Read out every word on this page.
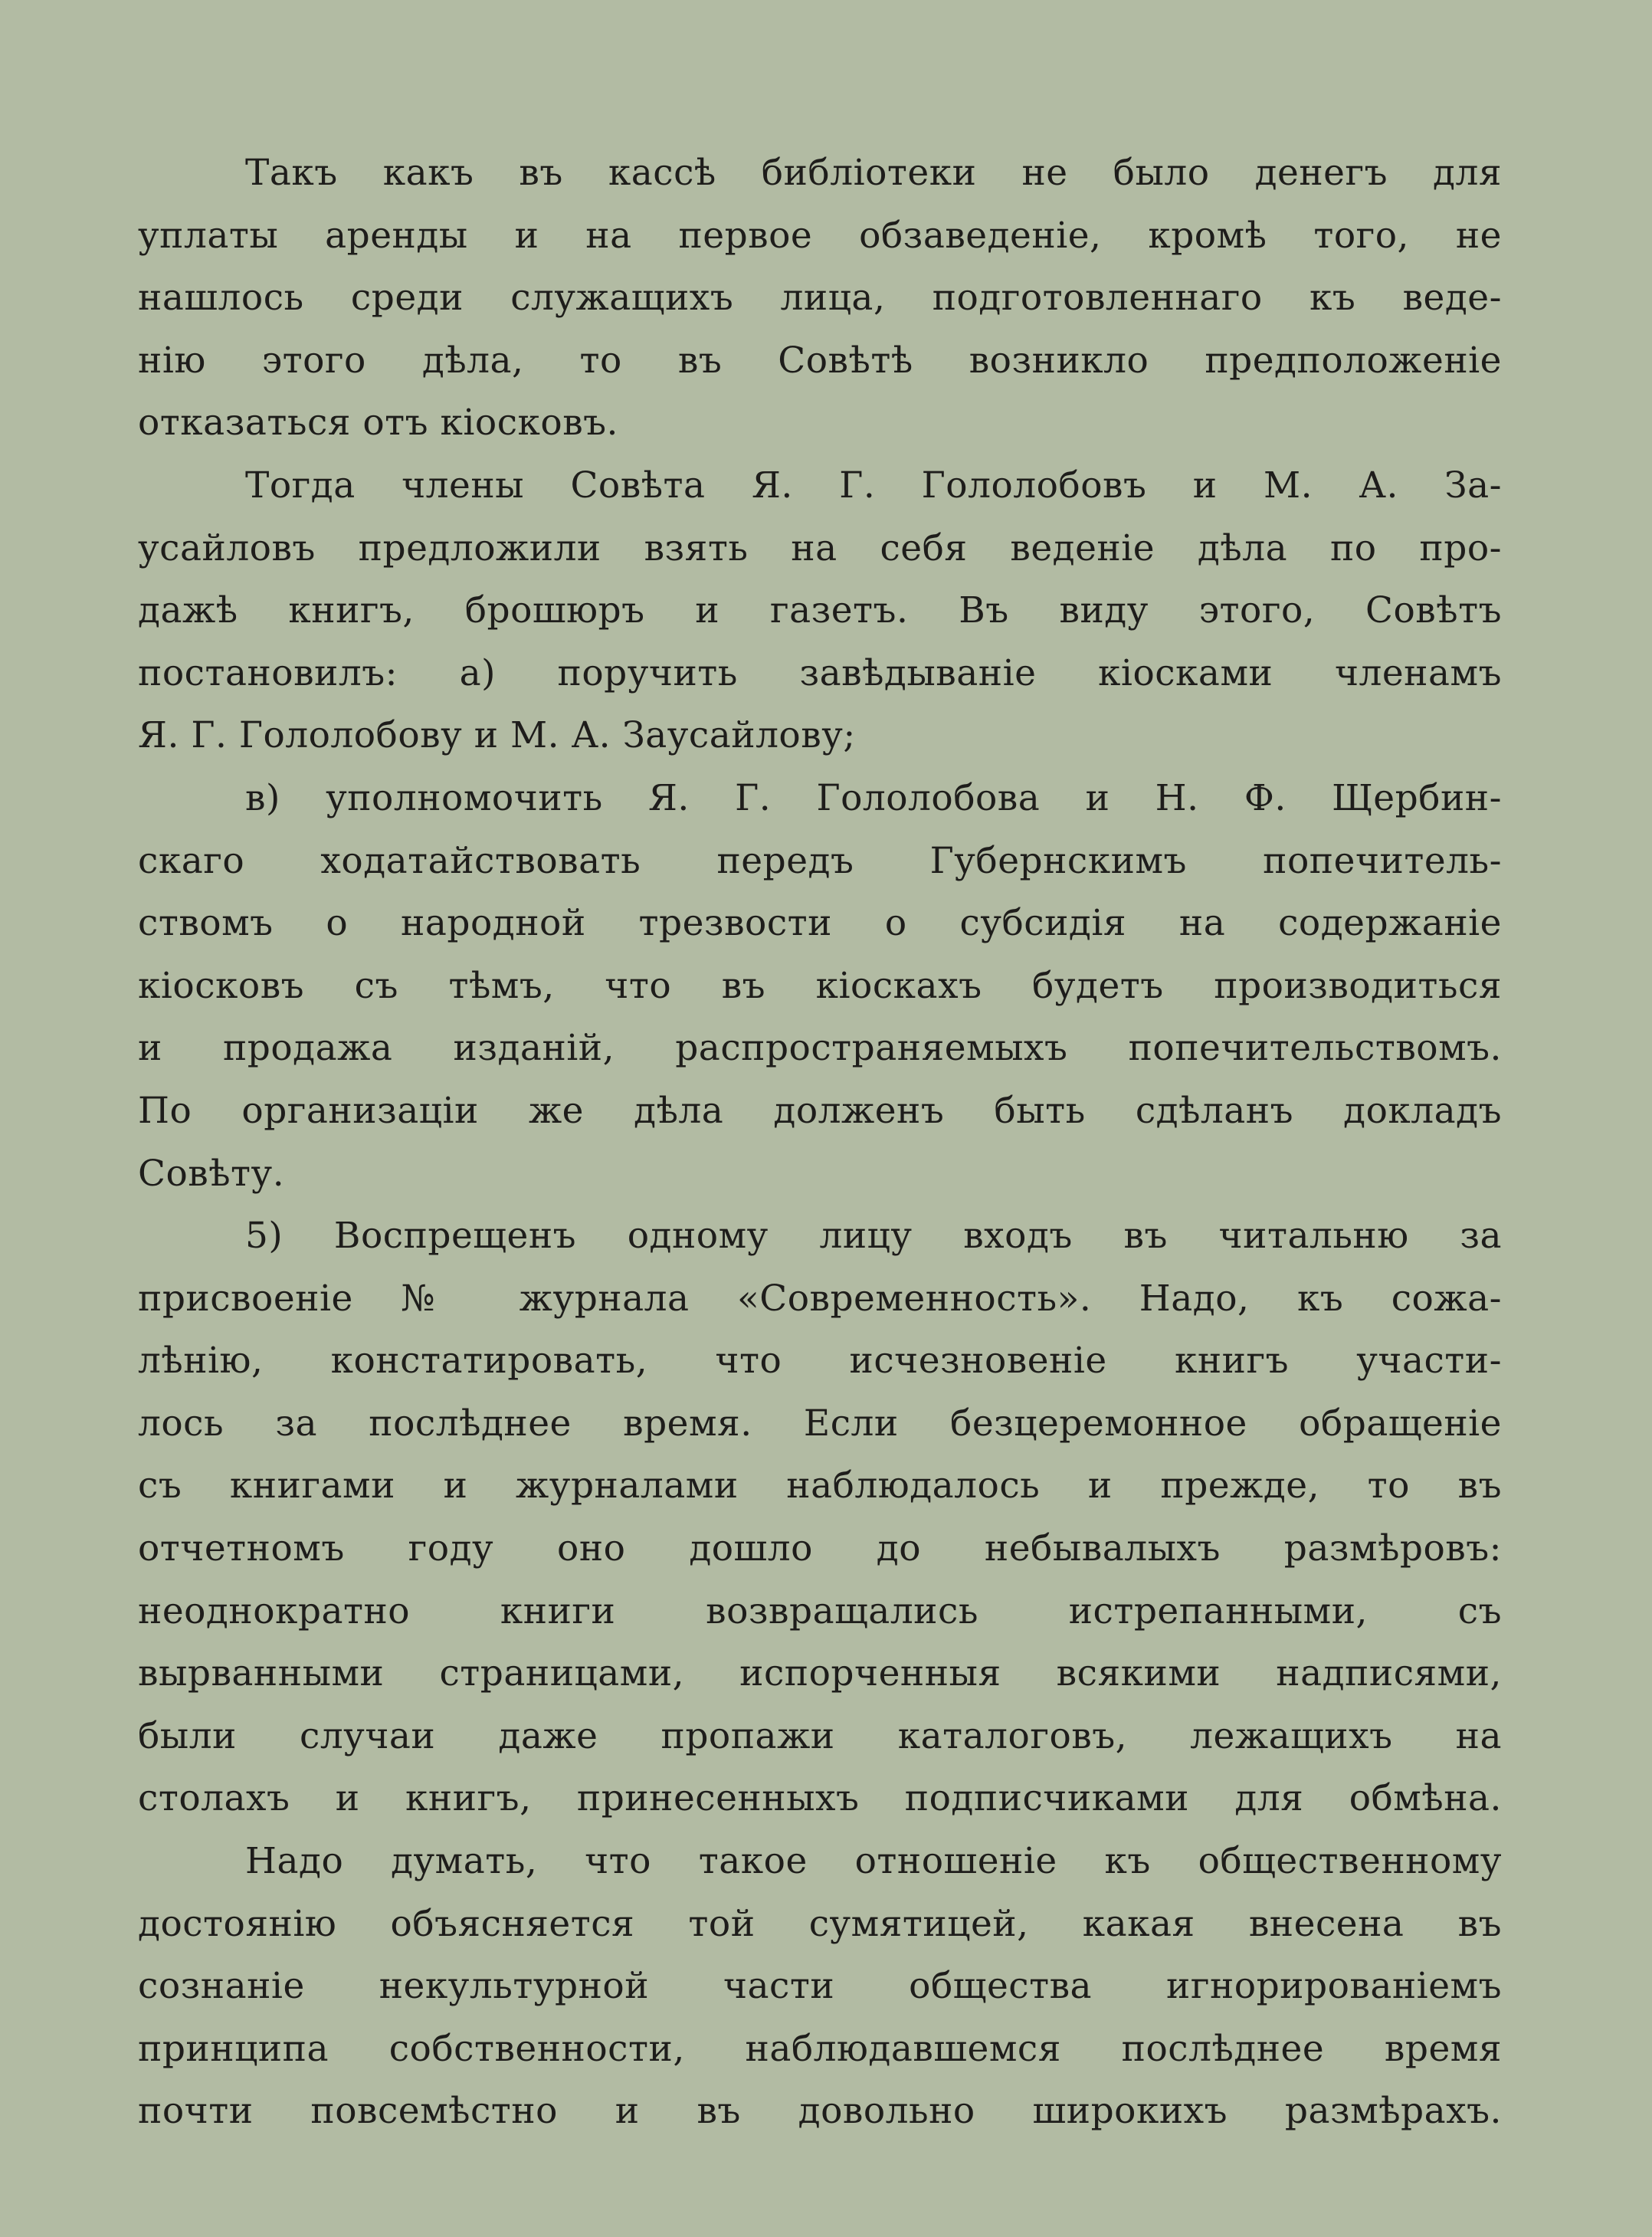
Такъ какъ въ кассѣ библіотеки не было денегъ для
уплаты аренды и на первое обзаведеніе, кромѣ того, не
нашлось среди служащихъ лица, подготовленнаго къ веде-
нію этого дѣла, то въ Совѣтѣ возникло предположеніе
отказаться отъ кіосковъ.
Тогда члены Совѣта Я. Г. Гололобовъ и М. А. За-
усайловъ предложили взять на себя веденіе дѣла по про-
дажѣ книгъ, брошюръ и газетъ. Въ виду этого, Совѣтъ
постановилъ: а) поручить завѣдываніе кіосками членамъ
Я. Г. Гололобову и М. А. Заусайлову;
в) уполномочить Я. Г. Гололобова и Н. Ф. Щербин-
скаго ходатайствовать передъ Губернскимъ попечитель-
ствомъ о народной трезвости о субсидія на содержаніе
кіосковъ съ тѣмъ, что въ кіоскахъ будетъ производиться
и продажа изданій, распространяемыхъ попечительствомъ.
По организаціи же дѣла долженъ быть сдѣланъ докладъ
Совѣту.
5) Воспрещенъ одному лицу входъ въ читальню за
присвоеніе № журнала «Современность». Надо, къ сожа-
лѣнію, констатировать, что исчезновеніе книгъ участи-
лось за послѣднее время. Если безцеремонное обращеніе
съ книгами и журналами наблюдалось и прежде, то въ
отчетномъ году оно дошло до небывалыхъ размѣровъ:
неоднократно книги возвращались истрепанными, съ
вырванными страницами, испорченныя всякими надписями,
были случаи даже пропажи каталоговъ, лежащихъ на
столахъ и книгъ, принесенныхъ подписчиками для обмѣна.
Надо думать, что такое отношеніе къ общественному
достоянію объясняется той сумятицей, какая внесена въ
сознаніе некультурной части общества игнорированіемъ
принципа собственности, наблюдавшемся послѣднее время
почти повсемѣстно и въ довольно широкихъ размѣрахъ.
